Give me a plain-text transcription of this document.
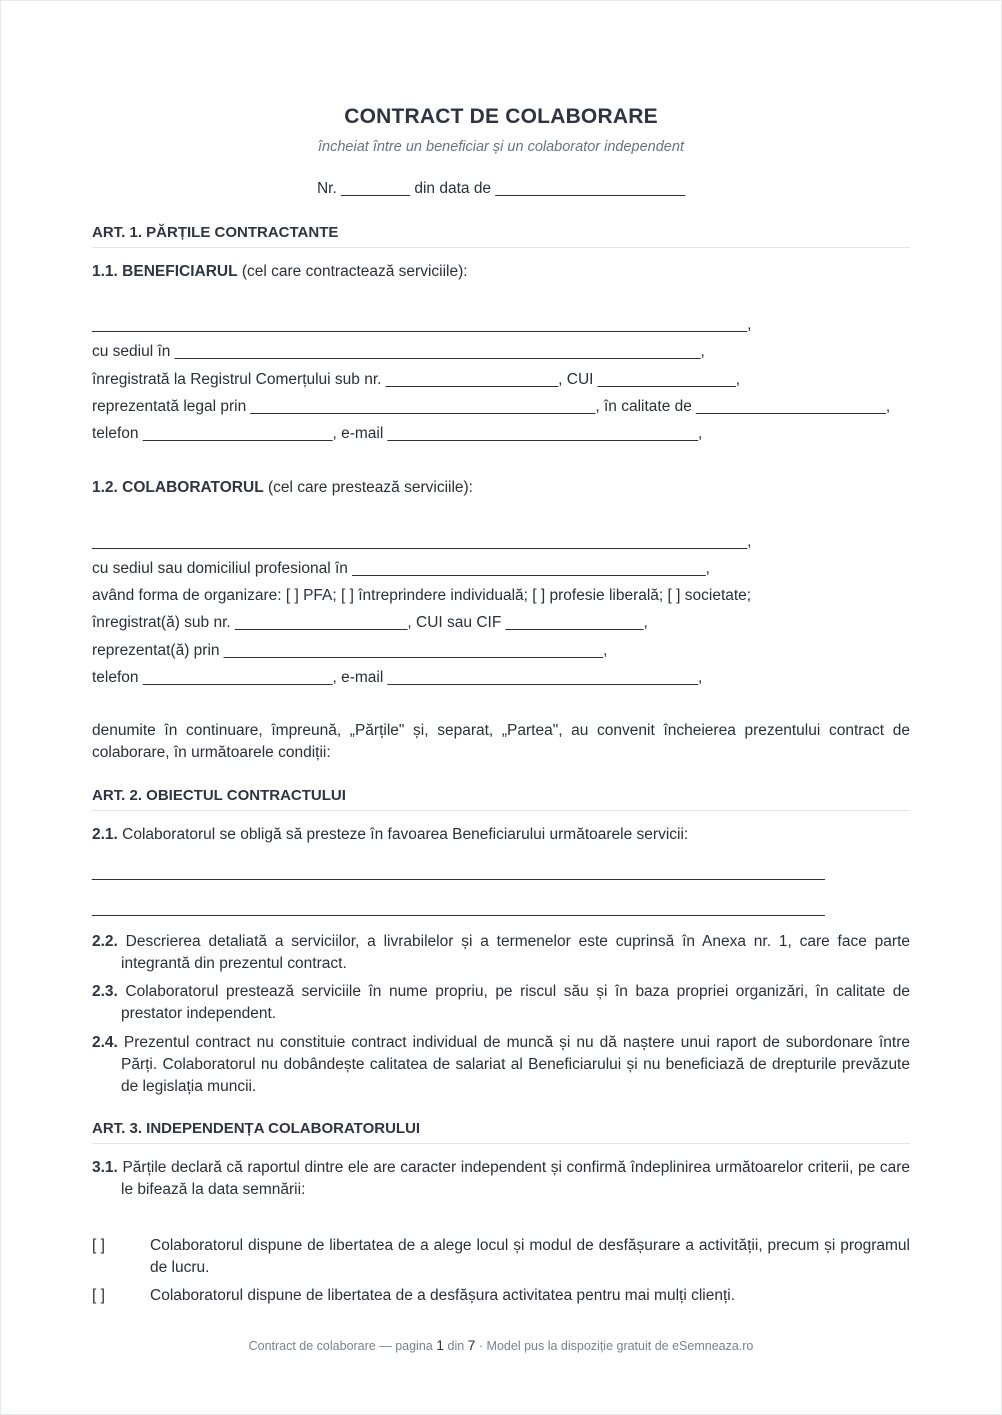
CONTRACT DE COLABORARE
încheiat între un beneficiar și un colaborator independent
Nr. ________ din data de ______________________
ART. 1. PĂRȚILE CONTRACTANTE
1.1. BENEFICIARUL (cel care contractează serviciile):
____________________________________________________________________________,
cu sediul în _____________________________________________________________,
înregistrată la Registrul Comerțului sub nr. ____________________, CUI ________________,
reprezentată legal prin ________________________________________, în calitate de ______________________,
telefon ______________________, e-mail ____________________________________,
1.2. COLABORATORUL (cel care prestează serviciile):
____________________________________________________________________________,
cu sediul sau domiciliul profesional în _________________________________________,
având forma de organizare: [ ] PFA; [ ] întreprindere individuală; [ ] profesie liberală; [ ] societate;
înregistrat(ă) sub nr. ____________________, CUI sau CIF ________________,
reprezentat(ă) prin ____________________________________________,
telefon ______________________, e-mail ____________________________________,
denumite în continuare, împreună, „Părțile" și, separat, „Partea", au convenit încheierea prezentului contract de colaborare, în următoarele condiții:
ART. 2. OBIECTUL CONTRACTULUI
2.1. Colaboratorul se obligă să presteze în favoarea Beneficiarului următoarele servicii:
_____________________________________________________________________________________
_____________________________________________________________________________________
2.2. Descrierea detaliată a serviciilor, a livrabilelor și a termenelor este cuprinsă în Anexa nr. 1, care face parte integrantă din prezentul contract.
2.3. Colaboratorul prestează serviciile în nume propriu, pe riscul său și în baza propriei organizări, în calitate de prestator independent.
2.4. Prezentul contract nu constituie contract individual de muncă și nu dă naștere unui raport de subordonare între Părți. Colaboratorul nu dobândește calitatea de salariat al Beneficiarului și nu beneficiază de drepturile prevăzute de legislația muncii.
ART. 3. INDEPENDENȚA COLABORATORULUI
3.1. Părțile declară că raportul dintre ele are caracter independent și confirmă îndeplinirea următoarelor criterii, pe care le bifează la data semnării:
[ ]	Colaboratorul dispune de libertatea de a alege locul și modul de desfășurare a activității, precum și programul de lucru.
[ ]	Colaboratorul dispune de libertatea de a desfășura activitatea pentru mai mulți clienți.
Contract de colaborare — pagina 1 din 7 · Model pus la dispoziție gratuit de eSemneaza.ro
